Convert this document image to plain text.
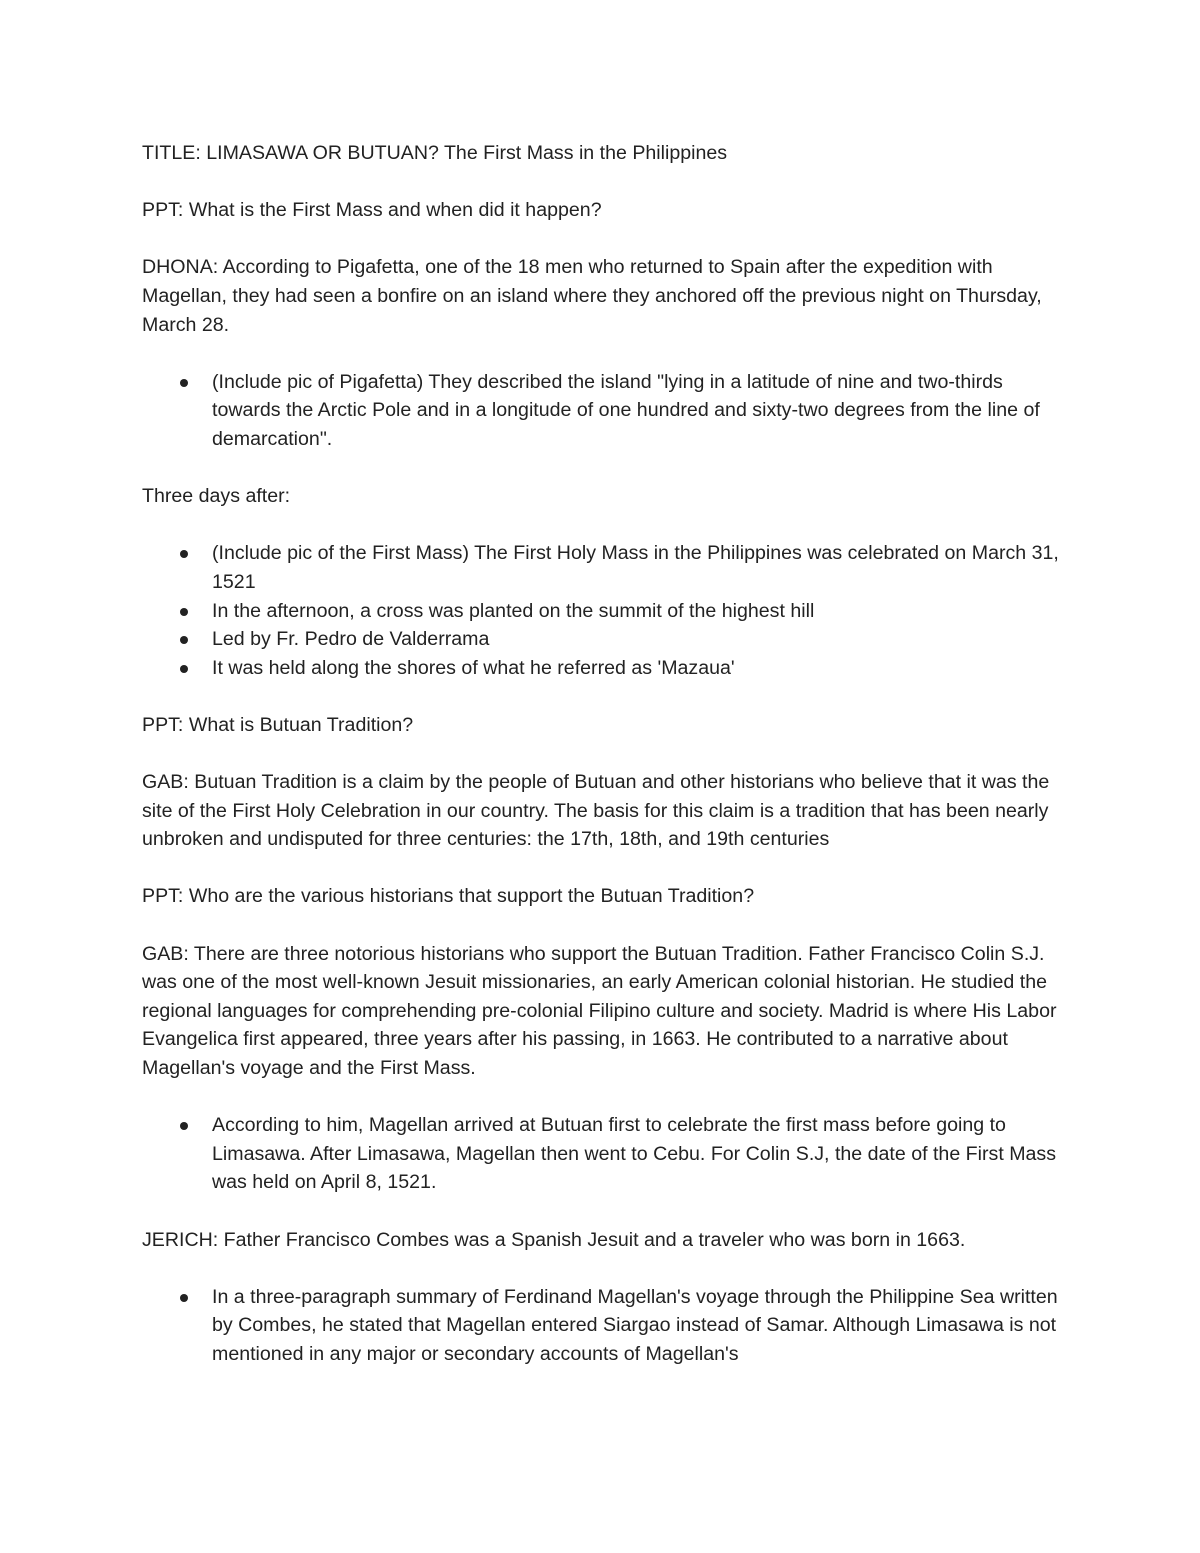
TITLE: LIMASAWA OR BUTUAN? The First Mass in the Philippines

PPT: What is the First Mass and when did it happen?

DHONA: According to Pigafetta, one of the 18 men who returned to Spain after the expedition with Magellan, they had seen a bonfire on an island where they anchored off the previous night on Thursday, March 28.

(Include pic of Pigafetta) They described the island "lying in a latitude of nine and two-thirds towards the Arctic Pole and in a longitude of one hundred and sixty-two degrees from the line of demarcation".

Three days after:

(Include pic of the First Mass) The First Holy Mass in the Philippines was celebrated on March 31, 1521
In the afternoon, a cross was planted on the summit of the highest hill
Led by Fr. Pedro de Valderrama
It was held along the shores of what he referred as 'Mazaua'

PPT: What is Butuan Tradition?

GAB: Butuan Tradition is a claim by the people of Butuan and other historians who believe that it was the site of the First Holy Celebration in our country. The basis for this claim is a tradition that has been nearly unbroken and undisputed for three centuries: the 17th, 18th, and 19th centuries

PPT: Who are the various historians that support the Butuan Tradition?

GAB: There are three notorious historians who support the Butuan Tradition. Father Francisco Colin S.J. was one of the most well-known Jesuit missionaries, an early American colonial historian. He studied the regional languages for comprehending pre-colonial Filipino culture and society. Madrid is where His Labor Evangelica first appeared, three years after his passing, in 1663. He contributed to a narrative about Magellan's voyage and the First Mass.

According to him, Magellan arrived at Butuan first to celebrate the first mass before going to Limasawa. After Limasawa, Magellan then went to Cebu. For Colin S.J, the date of the First Mass was held on April 8, 1521.

JERICH: Father Francisco Combes was a Spanish Jesuit and a traveler who was born in 1663.

In a three-paragraph summary of Ferdinand Magellan's voyage through the Philippine Sea written by Combes, he stated that Magellan entered Siargao instead of Samar. Although Limasawa is not mentioned in any major or secondary accounts of Magellan's
